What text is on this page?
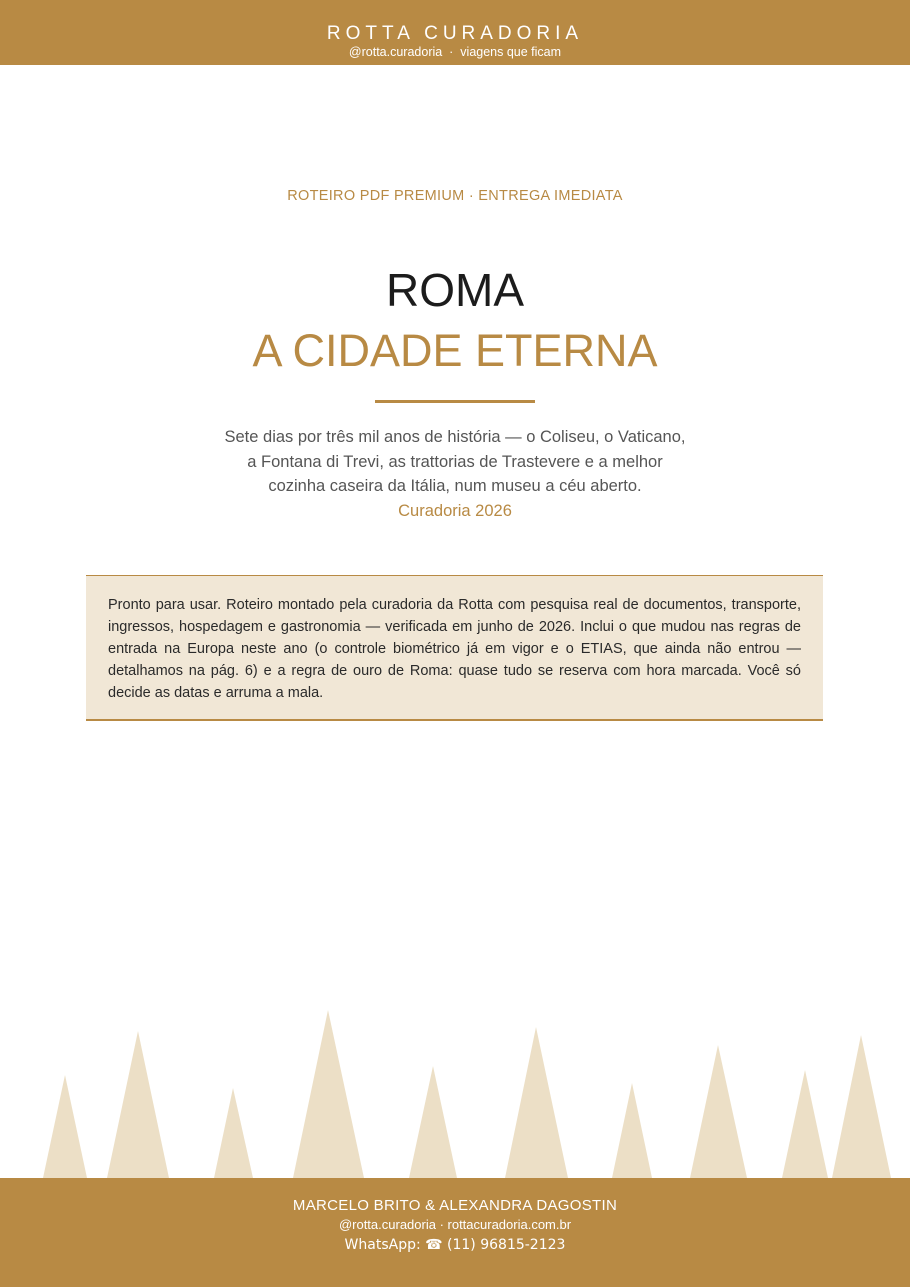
ROTTA CURADORIA
@rotta.curadoria · viagens que ficam
ROTEIRO PDF PREMIUM · ENTREGA IMEDIATA
ROMA
A CIDADE ETERNA
Sete dias por três mil anos de história — o Coliseu, o Vaticano,
a Fontana di Trevi, as trattorias de Trastevere e a melhor
cozinha caseira da Itália, num museu a céu aberto.
Curadoria 2026

Pronto para usar. Roteiro montado pela curadoria da Rotta com pesquisa real de documentos, transporte, ingressos, hospedagem e gastronomia — verificada em junho de 2026. Inclui o que mudou nas regras de entrada na Europa neste ano (o controle biométrico já em vigor e o ETIAS, que ainda não entrou — detalhamos na pág. 6) e a regra de ouro de Roma: quase tudo se reserva com hora marcada. Você só decide as datas e arruma a mala.

MARCELO BRITO & ALEXANDRA DAGOSTIN
@rotta.curadoria · rottacuradoria.com.br
WhatsApp: ☎ (11) 96815-2123
